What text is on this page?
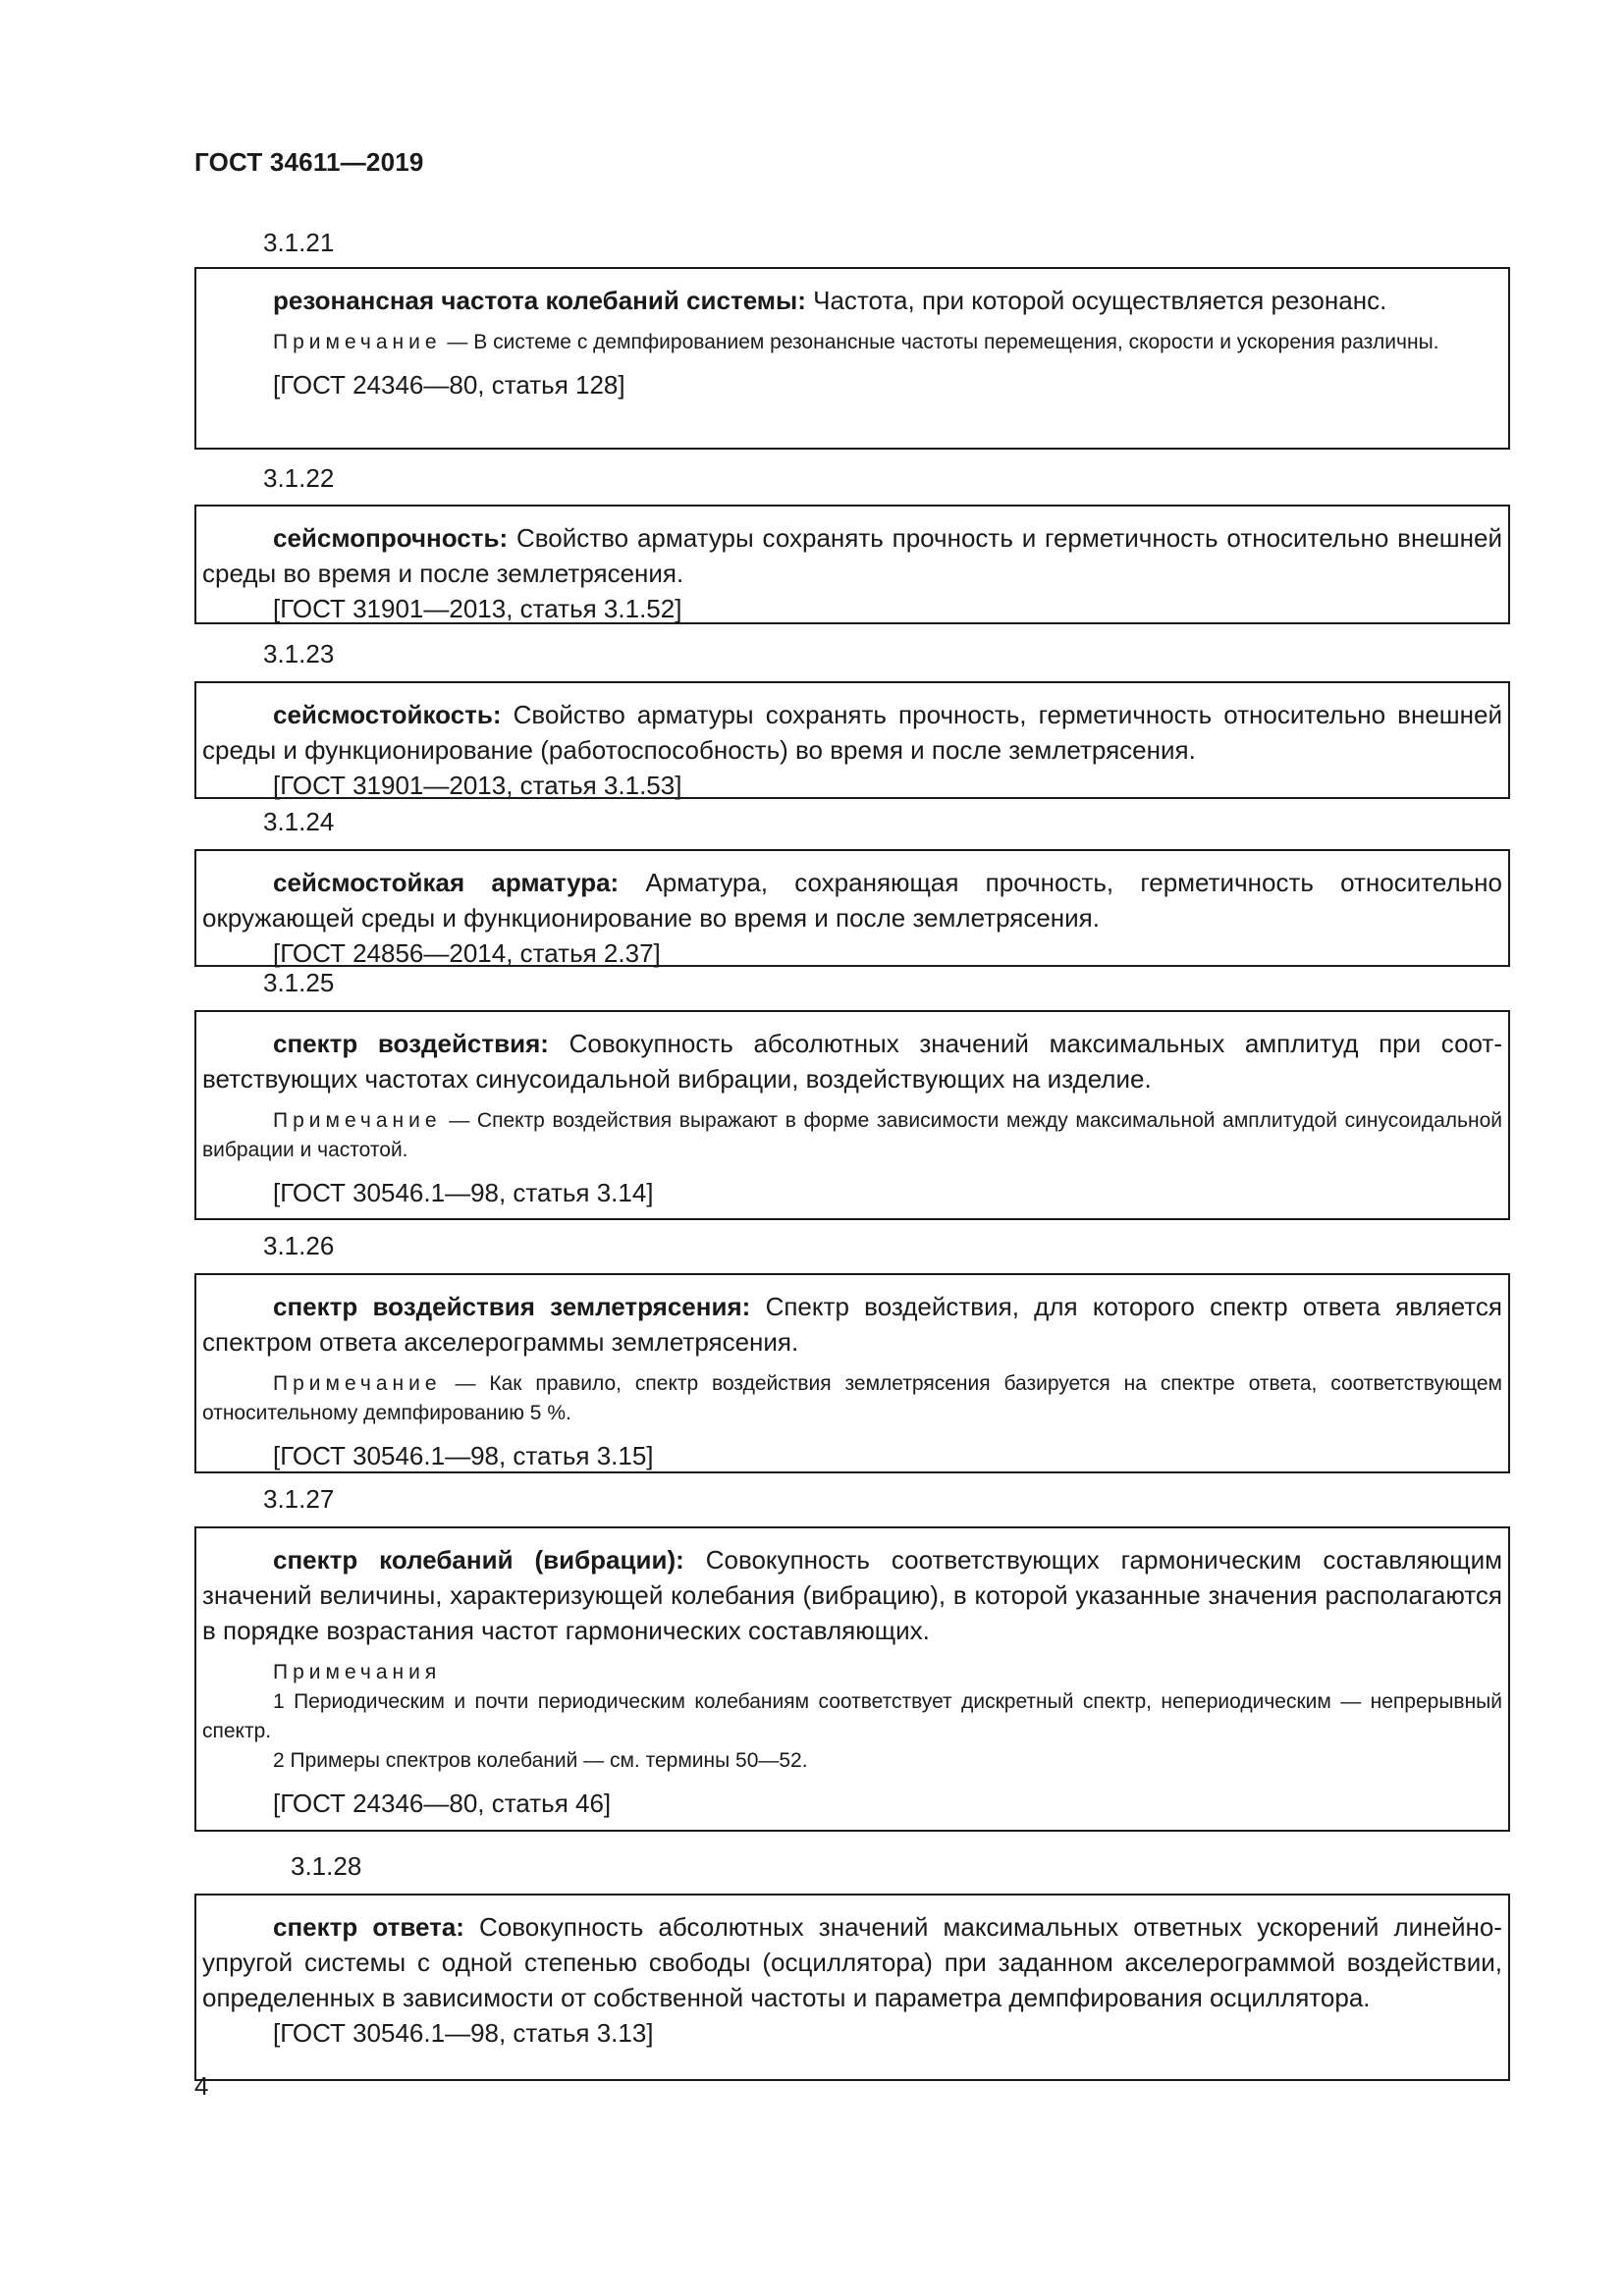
ГОСТ 34611—2019
3.1.21

резонансная частота колебаний системы: Частота, при которой осуществляется резонанс.

Примечание — В системе с демпфированием резонансные частоты перемещения, скорости и ускорения различны.

[ГОСТ 24346—80, статья 128]

3.1.22

сейсмопрочность: Свойство арматуры сохранять прочность и герметичность относительно внешней среды во время и после землетрясения.

[ГОСТ 31901—2013, статья 3.1.52]

3.1.23

сейсмостойкость: Свойство арматуры сохранять прочность, герметичность относительно внешней среды и функционирование (работоспособность) во время и после землетрясения.

[ГОСТ 31901—2013, статья 3.1.53]

3.1.24

сейсмостойкая арматура: Арматура, сохраняющая прочность, герметичность относительно окружающей среды и функционирование во время и после землетрясения.

[ГОСТ 24856—2014, статья 2.37]

3.1.25

спектр воздействия: Совокупность абсолютных значений максимальных амплитуд при соответствующих частотах синусоидальной вибрации, воздействующих на изделие.

Примечание — Спектр воздействия выражают в форме зависимости между максимальной амплитудой синусоидальной вибрации и частотой.

[ГОСТ 30546.1—98, статья 3.14]

3.1.26

спектр воздействия землетрясения: Спектр воздействия, для которого спектр ответа является спектром ответа акселерограммы землетрясения.

Примечание — Как правило, спектр воздействия землетрясения базируется на спектре ответа, соответствующем относительному демпфированию 5 %.

[ГОСТ 30546.1—98, статья 3.15]

3.1.27

спектр колебаний (вибрации): Совокупность соответствующих гармоническим составляющим значений величины, характеризующей колебания (вибрацию), в которой указанные значения располагаются в порядке возрастания частот гармонических составляющих.

Примечания

1 Периодическим и почти периодическим колебаниям соответствует дискретный спектр, непериодическим — непрерывный спектр.

2 Примеры спектров колебаний — см. термины 50—52.

[ГОСТ 24346—80, статья 46]

3.1.28

спектр ответа: Совокупность абсолютных значений максимальных ответных ускорений линейно-упругой системы с одной степенью свободы (осциллятора) при заданном акселерограммой воздействии, определенных в зависимости от собственной частоты и параметра демпфирования осциллятора.

[ГОСТ 30546.1—98, статья 3.13]

4
